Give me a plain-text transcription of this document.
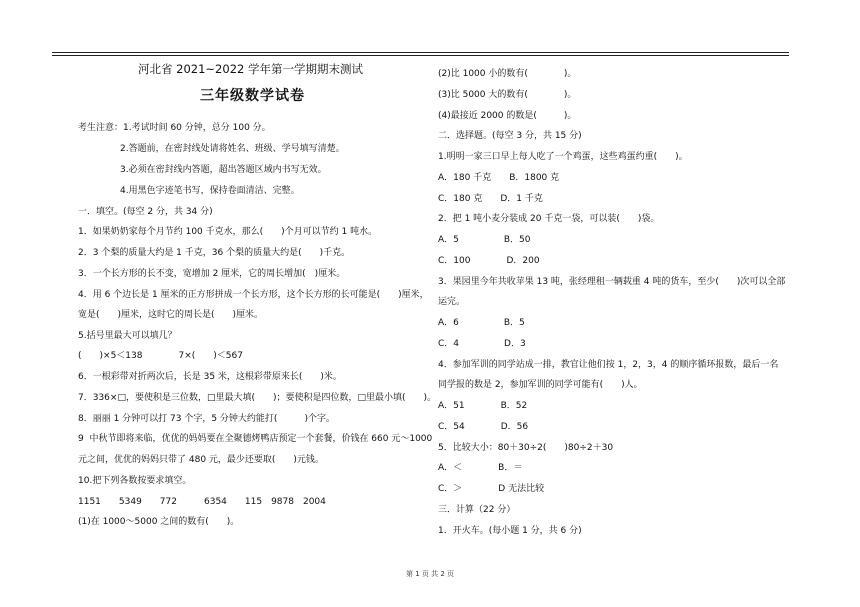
河北省 2021~2022 学年第一学期期末测试
三年级数学试卷
考生注意：1.考试时间 60 分钟，总分 100 分。
2.答题前，在密封线处请将姓名、班级、学号填写清楚。
3.必须在密封线内答题，超出答题区域内书写无效。
4.用黑色字迹笔书写，保持卷面清洁、完整。
一．填空。(每空 2 分，共 34 分)
1．如果奶奶家每个月节约 100 千克水，那么(　　)个月可以节约 1 吨水。
2．3 个梨的质量大约是 1 千克，36 个梨的质量大约是(　　)千克。
3．一个长方形的长不变，宽增加 2 厘米，它的周长增加(　)厘米。
4．用 6 个边长是 1 厘米的正方形拼成一个长方形，这个长方形的长可能是(　　)厘米，
宽是(　　)厘米，这时它的周长是(　　)厘米。
5.括号里最大可以填几？
(　　)×5＜138　　　　7×(　　)＜567
6．一根彩带对折两次后，长是 35 米，这根彩带原来长(　　)米。
7．336×□，要使积是三位数，□里最大填(　　)；要使积是四位数，□里最小填(　　)。
8．丽丽 1 分钟可以打 73 个字，5 分钟大约能打(　　　)个字。
9  中秋节即将来临，优优的妈妈要在全聚德烤鸭店预定一个套餐，价钱在 660 元～1000
元之间，优优的妈妈只带了 480 元，最少还要取(　　)元钱。
10.把下列各数按要求填空。
1151　　5349　　772　　　6354　　115　9878　2004
(1)在 1000～5000 之间的数有(　　)。
(2)比 1000 小的数有(　　　　)。
(3)比 5000 大的数有(　　　　)。
(4)最接近 2000 的数是(　　　)。
二．选择题。(每空 3 分，共 15 分)
1.明明一家三口早上每人吃了一个鸡蛋，这些鸡蛋约重(　　)。
A．180 千克　　B．1800 克
C．180 克　　D．1 千克
2．把 1 吨小麦分装成 20 千克一袋，可以装(　　)袋。
A．5　　　　　B．50
C．100　　　　D．200
3．果园里今年共收苹果 13 吨，张经理租一辆载重 4 吨的货车，至少(　　)次可以全部
运完。
A．6　　　　　B．5
C．4　　　　　D．3
4．参加军训的同学站成一排，教官让他们按 1，2，3，4 的顺序循环报数，最后一名
同学报的数是 2，参加军训的同学可能有(　　)人。
A．51　　　　B．52
C．54　　　　D．56
5．比较大小：80＋30÷2(　　)80÷2＋30
A．＜　　　　B．＝
C．＞　　　　D 无法比较
三．计算（22 分）
1．开火车。(每小题 1 分，共 6 分)
第 1 页 共 2 页
